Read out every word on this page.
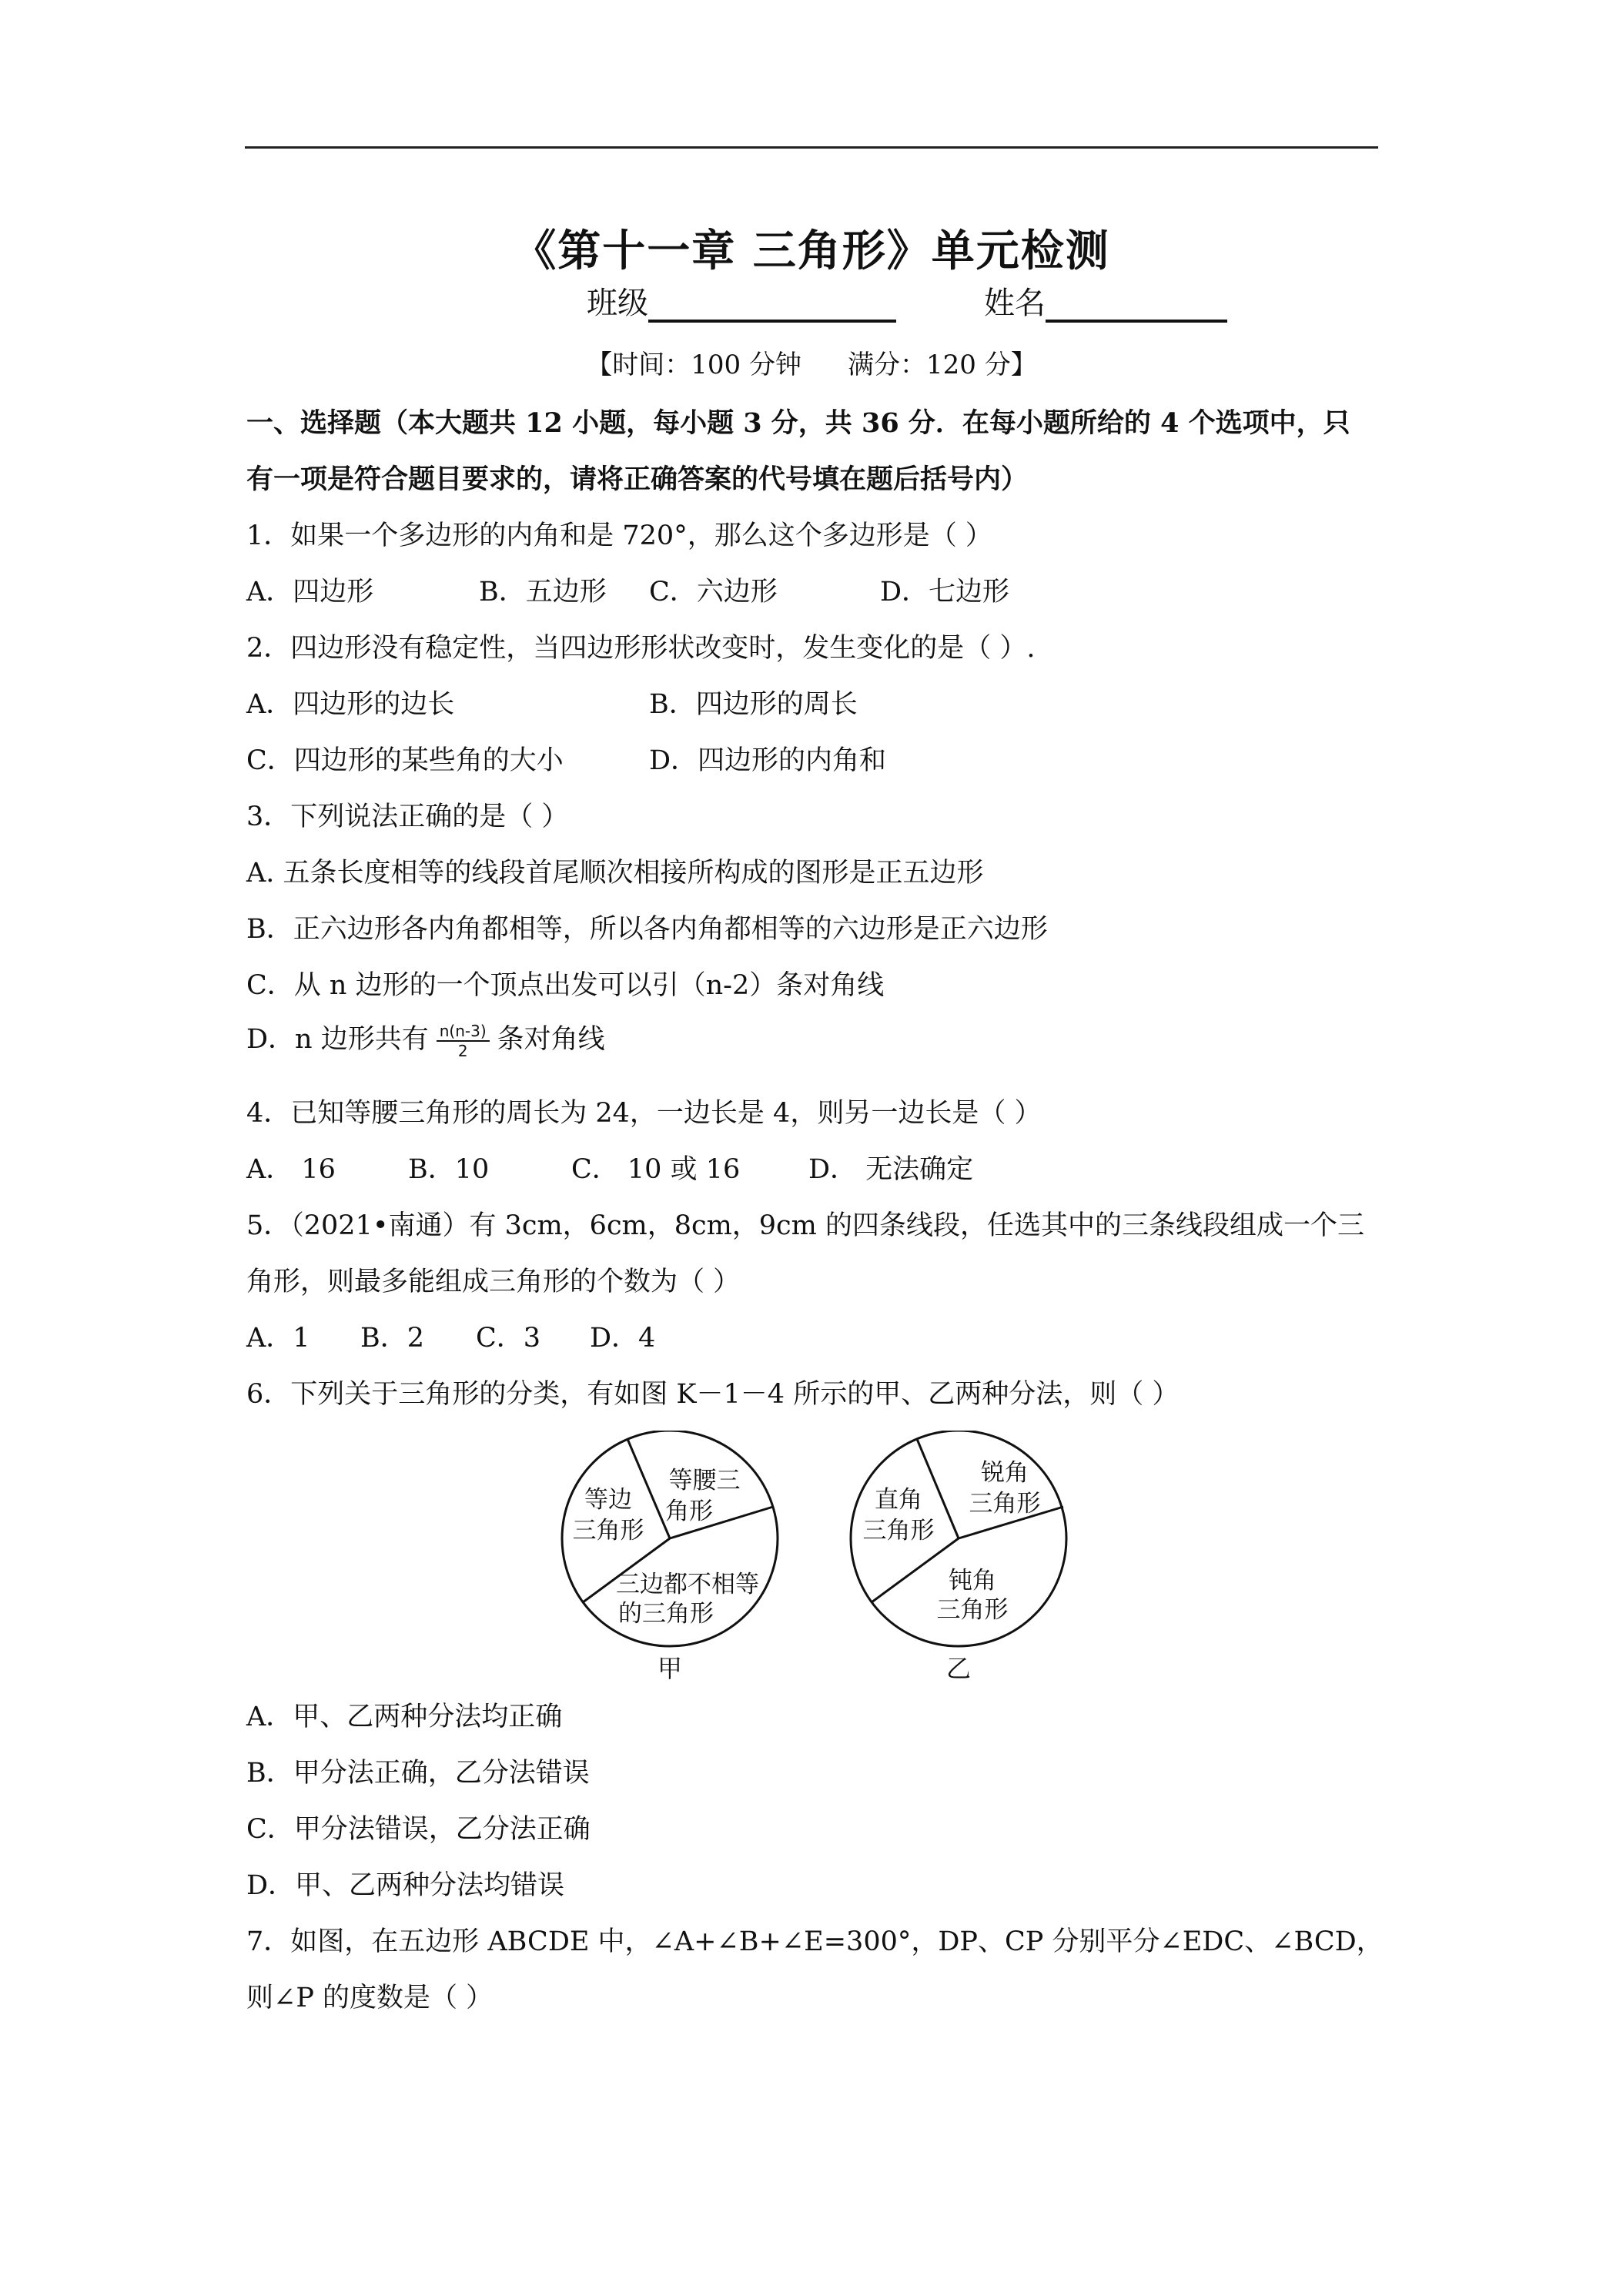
《第十一章 三角形》单元检测
班级	姓名
【时间：100 分钟 满分：120 分】
一、选择题（本大题共 12 小题，每小题 3 分，共 36 分．在每小题所给的 4 个选项中，只
有一项是符合题目要求的，请将正确答案的代号填在题后括号内）
1．如果一个多边形的内角和是 720°，那么这个多边形是（ ）
A．四边形	B．五边形 C．六边形	D．七边形
2．四边形没有稳定性，当四边形形状改变时，发生变化的是（ ）.
A．四边形的边长	B．四边形的周长
C．四边形的某些角的大小	D．四边形的内角和
3．下列说法正确的是（ ）
A. 五条长度相等的线段首尾顺次相接所构成的图形是正五边形
B．正六边形各内角都相等，所以各内角都相等的六边形是正六边形
C．从 n 边形的一个顶点出发可以引（n-2）条对角线
D．n 边形共有 $\frac{n(n-3)}{2}$ 条对角线
4．已知等腰三角形的周长为 24，一边长是 4，则另一边长是（ ）
A． 16	B．10	C． 10 或 16	D． 无法确定
5．（2021•南通）有 3cm，6cm，8cm，9cm 的四条线段，任选其中的三条线段组成一个三
角形，则最多能组成三角形的个数为（ ）
A．1 B．2 C．3 D．4
6．下列关于三角形的分类，有如图 K－1－4 所示的甲、乙两种分法，则（ ）
等腰三
角形
等边
三角形
三边都不相等
的三角形
甲
锐角
三角形
直角
三角形
钝角
三角形
乙
A．甲、乙两种分法均正确
B．甲分法正确，乙分法错误
C．甲分法错误，乙分法正确
D．甲、乙两种分法均错误
7．如图，在五边形 ABCDE 中，∠A+∠B+∠E=300°，DP、CP 分别平分∠EDC、∠BCD，
则∠P 的度数是（ ）
